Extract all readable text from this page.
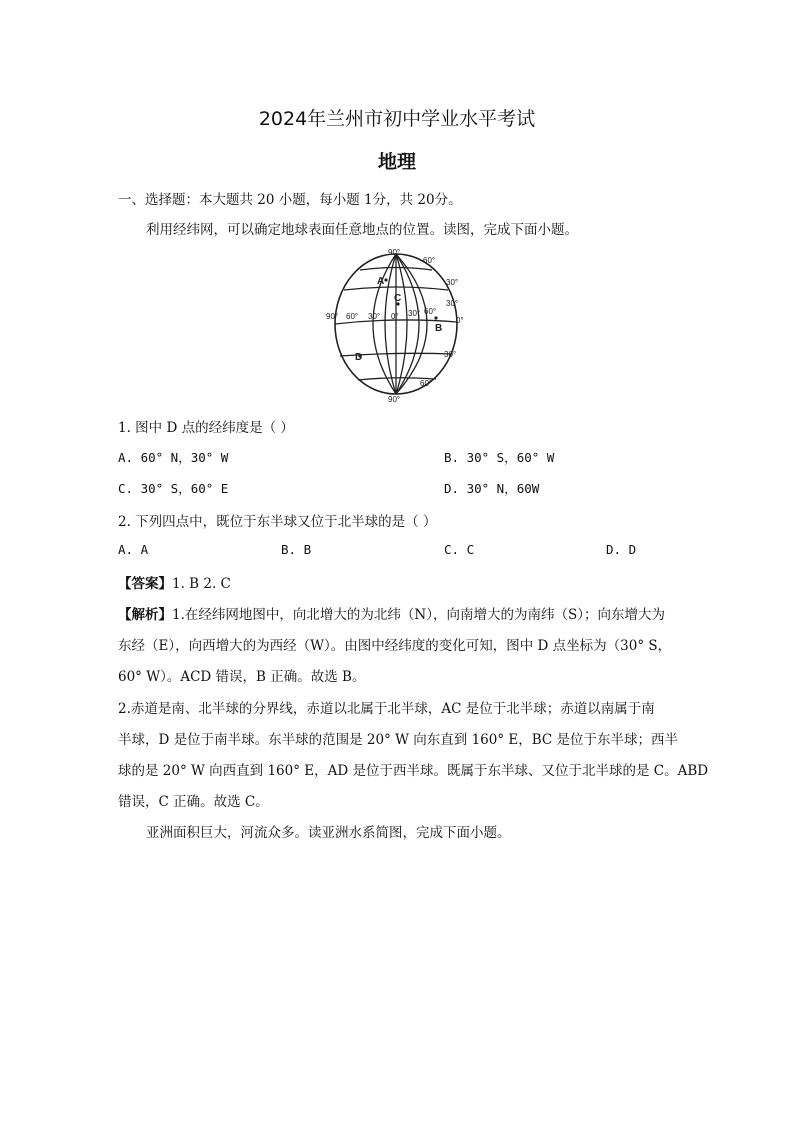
2024年兰州市初中学业水平考试
地理
一、选择题：本大题共 20 小题，每小题 1分，共 20分。
利用经纬网，可以确定地球表面任意地点的位置。读图，完成下面小题。
A
B
C
D
90°
60°
30°
30°
0°
30°
60°
90°
90° 60° 30° 0° 30° 60°
1. 图中 D 点的经纬度是（ ）
A. 60° N，30° W	B. 30° S，60° W
C. 30° S，60° E	D. 30° N，60W
2. 下列四点中，既位于东半球又位于北半球的是（ ）
A. A	B. B	C. C	D. D
【答案】1. B 2. C
【解析】1.在经纬网地图中，向北增大的为北纬（N），向南增大的为南纬（S）；向东增大为
东经（E），向西增大的为西经（W）。由图中经纬度的变化可知，图中 D 点坐标为（30° S，
60° W）。ACD 错误，B 正确。故选 B。
2.赤道是南、北半球的分界线，赤道以北属于北半球，AC 是位于北半球；赤道以南属于南
半球，D 是位于南半球。东半球的范围是 20° W 向东直到 160° E，BC 是位于东半球；西半
球的是 20° W 向西直到 160° E，AD 是位于西半球。既属于东半球、又位于北半球的是 C。ABD
错误，C 正确。故选 C。
亚洲面积巨大，河流众多。读亚洲水系简图，完成下面小题。
